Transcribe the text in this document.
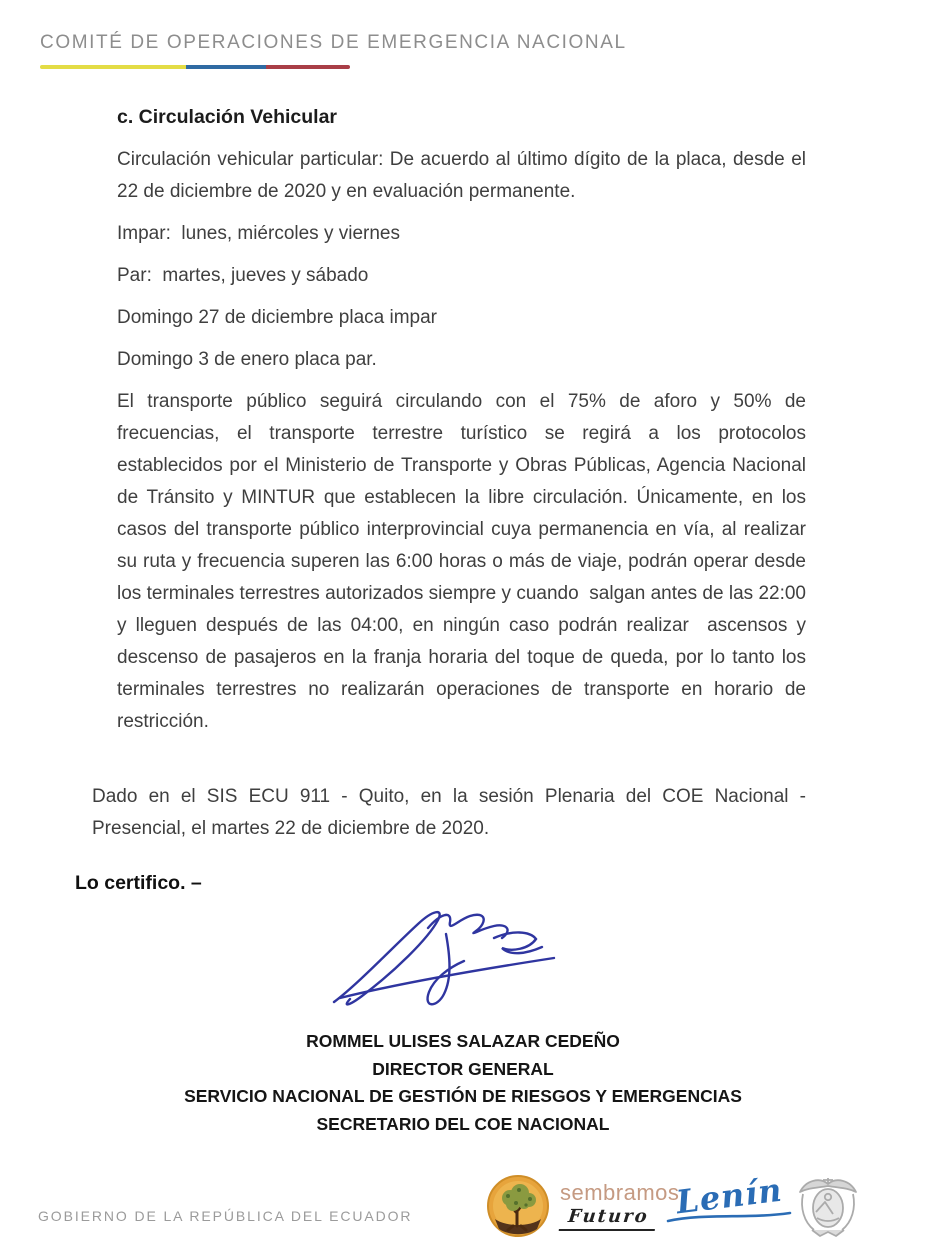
COMITÉ DE OPERACIONES DE EMERGENCIA NACIONAL
c. Circulación Vehicular

Circulación vehicular particular: De acuerdo al último dígito de la placa, desde el 22 de diciembre de 2020 y en evaluación permanente.

Impar:  lunes, miércoles y viernes

Par:  martes, jueves y sábado

Domingo 27 de diciembre placa impar

Domingo 3 de enero placa par.

El transporte público seguirá circulando con el 75% de aforo y 50% de frecuencias, el transporte terrestre turístico se regirá a los protocolos establecidos por el Ministerio de Transporte y Obras Públicas, Agencia Nacional de Tránsito y MINTUR que establecen la libre circulación. Únicamente, en los casos del transporte público interprovincial cuya permanencia en vía, al realizar su ruta y frecuencia superen las 6:00 horas o más de viaje, podrán operar desde los terminales terrestres autorizados siempre y cuando  salgan antes de las 22:00 y lleguen después de las 04:00, en ningún caso podrán realizar  ascensos y descenso de pasajeros en la franja horaria del toque de queda, por lo tanto los  terminales terrestres no realizarán operaciones de transporte en horario de restricción.

Dado en el SIS ECU 911 - Quito, en la sesión Plenaria del COE Nacional - Presencial, el martes 22 de diciembre de 2020.

Lo certifico. –
ROMMEL ULISES SALAZAR CEDEÑO
DIRECTOR GENERAL
SERVICIO NACIONAL DE GESTIÓN DE RIESGOS Y EMERGENCIAS
SECRETARIO DEL COE NACIONAL
GOBIERNO DE LA REPÚBLICA DEL ECUADOR
sembramos
Futuro Lenín
